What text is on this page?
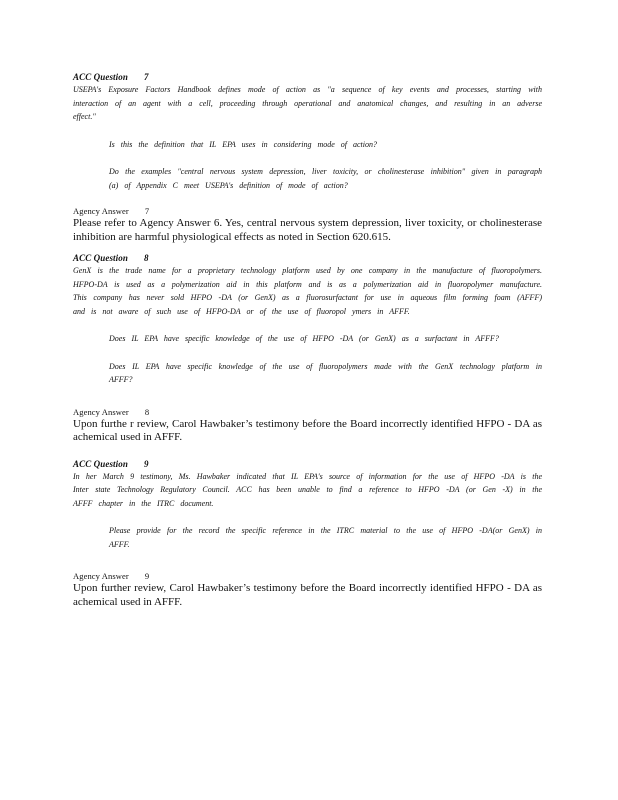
ACC Question 7

USEPA's Exposure Factors Handbook defines mode of action as "a sequence of key events and processes, starting with interaction of an agent with a cell, proceeding through operational and anatomical changes, and resulting in an adverse effect."

Is this the definition that IL EPA uses in considering mode of action?

Do the examples "central nervous system depression, liver toxicity, or cholinesterase inhibition" given in paragraph (a) of Appendix C meet USEPA's definition of mode of action?

Agency Answer 7

Please refer to Agency Answer 6. Yes, central nervous system depression, liver toxicity, or cholinesterase inhibition are harmful physiological effects as noted in Section 620.615.

ACC Question 8

GenX is the trade name for a proprietary technology platform used by one company in the manufacture of fluoropolymers. HFPO-DA is used as a polymerization aid in this platform and is as a polymerization aid in fluoropolymer manufacture. This company has never sold HFPO -DA (or GenX) as a fluorosurfactant for use in aqueous film forming foam (AFFF) and is not aware of such use of HFPO-DA or of the use of fluoropol ymers in AFFF.

Does IL EPA have specific knowledge of the use of HFPO -DA (or GenX) as a surfactant in AFFF?

Does IL EPA have specific knowledge of the use of fluoropolymers made with the GenX technology platform in AFFF?

Agency Answer 8

Upon furthe r review, Carol Hawbaker’s testimony before the Board incorrectly identified HFPO - DA as achemical used in AFFF.

ACC Question 9

In her March 9 testimony, Ms. Hawbaker indicated that IL EPA's source of information for the use of HFPO -DA is the Inter state Technology Regulatory Council. ACC has been unable to find a reference to HFPO -DA (or Gen -X) in the AFFF chapter in the ITRC document.

Please provide for the record the specific reference in the ITRC material to the use of HFPO -DA(or GenX) in AFFF.

Agency Answer 9

Upon further review, Carol Hawbaker’s testimony before the Board incorrectly identified HFPO - DA as achemical used in AFFF.
